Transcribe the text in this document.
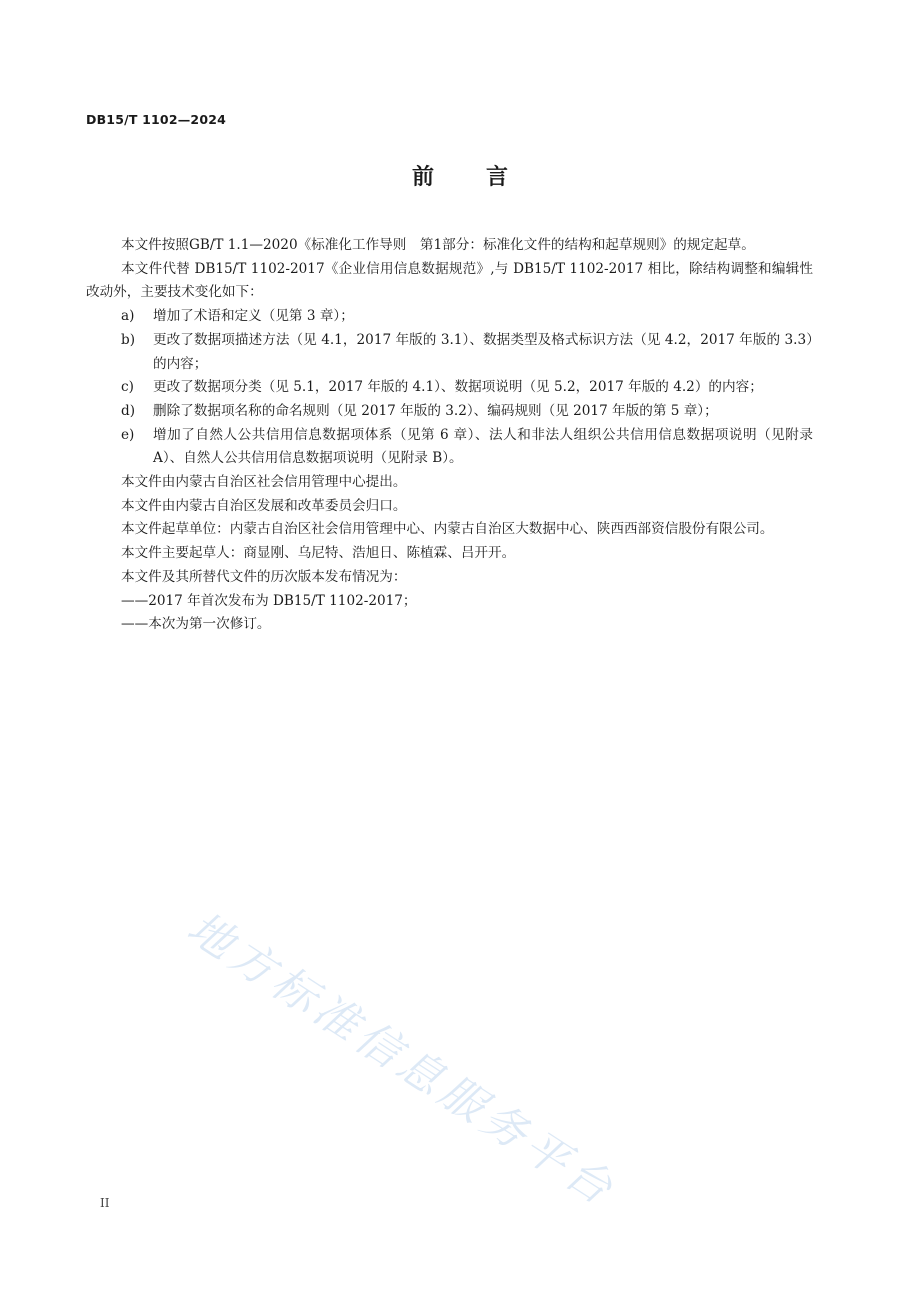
DB15/T 1102—2024
前 言
本文件按照GB/T 1.1—2020《标准化工作导则　第1部分：标准化文件的结构和起草规则》的规定起草。
本文件代替 DB15/T 1102-2017《企业信用信息数据规范》,与 DB15/T 1102-2017 相比，除结构调整和编辑性改动外，主要技术变化如下：
a) 增加了术语和定义（见第 3 章）；
b) 更改了数据项描述方法（见 4.1，2017 年版的 3.1）、数据类型及格式标识方法（见 4.2，2017 年版的 3.3）的内容；
c) 更改了数据项分类（见 5.1，2017 年版的 4.1）、数据项说明（见 5.2，2017 年版的 4.2）的内容；
d) 删除了数据项名称的命名规则（见 2017 年版的 3.2）、编码规则（见 2017 年版的第 5 章）；
e) 增加了自然人公共信用信息数据项体系（见第 6 章）、法人和非法人组织公共信用信息数据项说明（见附录 A）、自然人公共信用信息数据项说明（见附录 B）。
本文件由内蒙古自治区社会信用管理中心提出。
本文件由内蒙古自治区发展和改革委员会归口。
本文件起草单位：内蒙古自治区社会信用管理中心、内蒙古自治区大数据中心、陕西西部资信股份有限公司。
本文件主要起草人：商显刚、乌尼特、浩旭日、陈植霖、吕开开。
本文件及其所替代文件的历次版本发布情况为：
——2017 年首次发布为 DB15/T 1102-2017；
——本次为第一次修订。
地方标准信息服务平台
II
